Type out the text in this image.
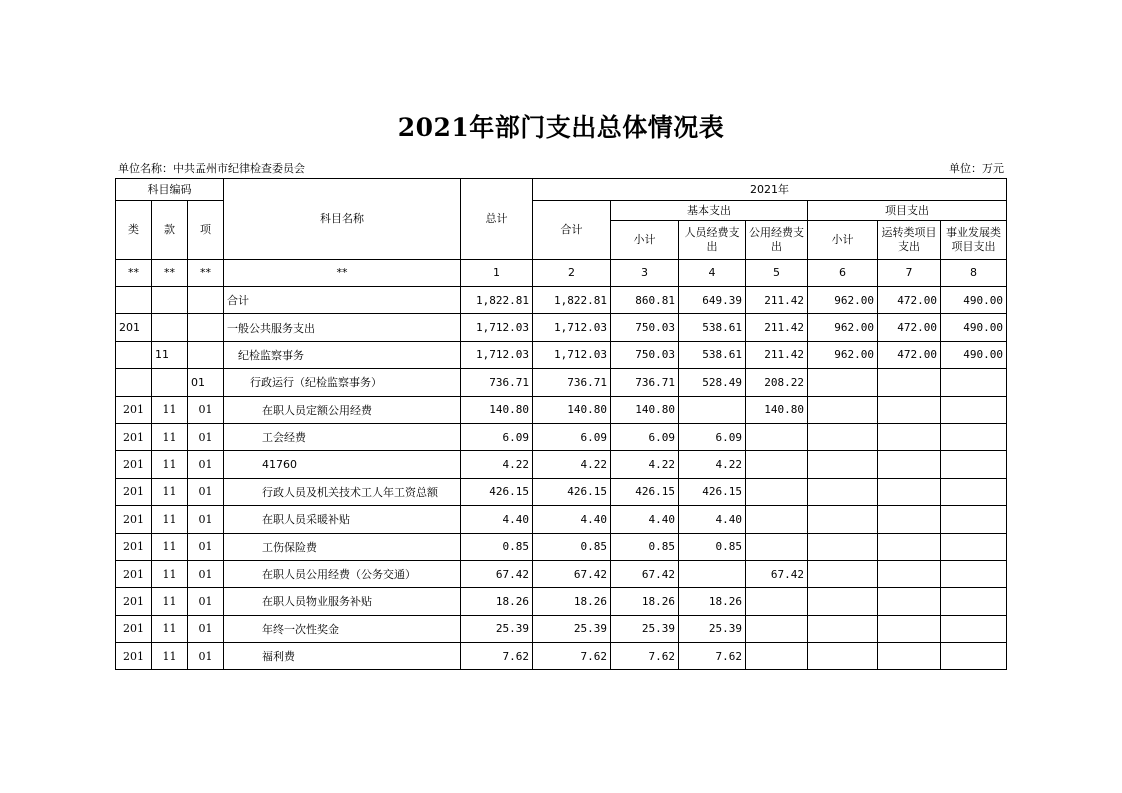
2021年部门支出总体情况表
单位名称：中共孟州市纪律检查委员会	单位：万元
科目编码			科目名称	总计	2021年						
类	款	项			合计	基本支出			项目支出		
						小计	人员经费支出	公用经费支出	小计	运转类项目支出	事业发展类项目支出
**	**	**	**	1	2	3	4	5	6	7	8
			合计	1,822.81	1,822.81	860.81	649.39	211.42	962.00	472.00	490.00
201			一般公共服务支出	1,712.03	1,712.03	750.03	538.61	211.42	962.00	472.00	490.00
	11		纪检监察事务	1,712.03	1,712.03	750.03	538.61	211.42	962.00	472.00	490.00
		01	行政运行（纪检监察事务）	736.71	736.71	736.71	528.49	208.22			
201	11	01	在职人员定额公用经费	140.80	140.80	140.80		140.80			
201	11	01	工会经费	6.09	6.09	6.09	6.09				
201	11	01	41760	4.22	4.22	4.22	4.22				
201	11	01	行政人员及机关技术工人年工资总额	426.15	426.15	426.15	426.15				
201	11	01	在职人员采暖补贴	4.40	4.40	4.40	4.40				
201	11	01	工伤保险费	0.85	0.85	0.85	0.85				
201	11	01	在职人员公用经费（公务交通）	67.42	67.42	67.42		67.42			
201	11	01	在职人员物业服务补贴	18.26	18.26	18.26	18.26				
201	11	01	年终一次性奖金	25.39	25.39	25.39	25.39				
201	11	01	福利费	7.62	7.62	7.62	7.62				
